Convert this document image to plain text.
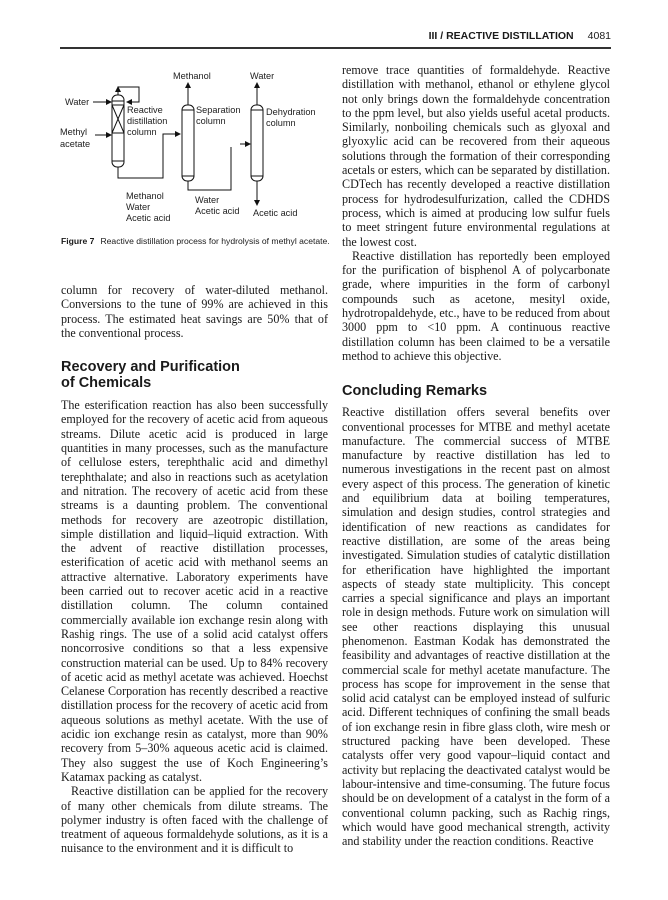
III / REACTIVE DISTILLATION 4081
Methanol	Water
Water
Methyl
acetate
Reactive
distillation
column
Separation
column
Dehydration
column
Methanol
Water
Acetic acid
Water
Acetic acid Acetic acid
Figure 7 Reactive distillation process for hydrolysis of methyl acetate.

column for recovery of water-diluted methanol. Conversions to the tune of 99% are achieved in this process. The estimated heat savings are 50% that of the conventional process.

Recovery and Purification
of Chemicals

The esterification reaction has also been successfully employed for the recovery of acetic acid from aqueous streams. Dilute acetic acid is produced in large quantities in many processes, such as the manufacture of cellulose esters, terephthalic acid and dimethyl terephthalate; and also in reactions such as acetylation and nitration. The recovery of acetic acid from these streams is a daunting problem. The conventional methods for recovery are azeotropic distillation, simple distillation and liquid–liquid extraction. With the advent of reactive distillation processes, esterification of acetic acid with methanol seems an attractive alternative. Laboratory experiments have been carried out to recover acetic acid in a reactive distillation column. The column contained commercially available ion exchange resin along with Rashig rings. The use of a solid acid catalyst offers noncorrosive conditions so that a less expensive construction material can be used. Up to 84% recovery of acetic acid as methyl acetate was achieved. Hoechst Celanese Corporation has recently described a reactive distillation process for the recovery of acetic acid from aqueous solutions as methyl acetate. With the use of acidic ion exchange resin as catalyst, more than 90% recovery from 5–30% aqueous acetic acid is claimed. They also suggest the use of Koch Engineering’s Katamax packing as catalyst.

Reactive distillation can be applied for the recovery of many other chemicals from dilute streams. The polymer industry is often faced with the challenge of treatment of aqueous formaldehyde solutions, as it is a nuisance to the environment and it is difficult to

remove trace quantities of formaldehyde. Reactive distillation with methanol, ethanol or ethylene glycol not only brings down the formaldehyde concentration to the ppm level, but also yields useful acetal products. Similarly, nonboiling chemicals such as glyoxal and glyoxylic acid can be recovered from their aqueous solutions through the formation of their corresponding acetals or esters, which can be separated by distillation. CDTech has recently developed a reactive distillation process for hydrodesulfurization, called the CDHDS process, which is aimed at producing low sulfur fuels to meet stringent future environmental regulations at the lowest cost.

Reactive distillation has reportedly been employed for the purification of bisphenol A of polycarbonate grade, where impurities in the form of carbonyl compounds such as acetone, mesityl oxide, hydrotropaldehyde, etc., have to be reduced from about 3000 ppm to <10 ppm. A continuous reactive distillation column has been claimed to be a versatile method to achieve this objective.

Concluding Remarks

Reactive distillation offers several benefits over conventional processes for MTBE and methyl acetate manufacture. The commercial success of MTBE manufacture by reactive distillation has led to numerous investigations in the recent past on almost every aspect of this process. The generation of kinetic and equilibrium data at boiling temperatures, simulation and design studies, control strategies and identification of new reactions as candidates for reactive distillation, are some of the areas being investigated. Simulation studies of catalytic distillation for etherification have highlighted the important aspects of steady state multiplicity. This concept carries a special significance and plays an important role in design methods. Future work on simulation will see other reactions displaying this unusual phenomenon. Eastman Kodak has demonstrated the feasibility and advantages of reactive distillation at the commercial scale for methyl acetate manufacture. The process has scope for improvement in the sense that solid acid catalyst can be employed instead of sulfuric acid. Different techniques of confining the small beads of ion exchange resin in fibre glass cloth, wire mesh or structured packing have been developed. These catalysts offer very good vapour–liquid contact and activity but replacing the deactivated catalyst would be labour-intensive and time-consuming. The future focus should be on development of a catalyst in the form of a conventional column packing, such as Rachig rings, which would have good mechanical strength, activity and stability under the reaction conditions. Reactive
